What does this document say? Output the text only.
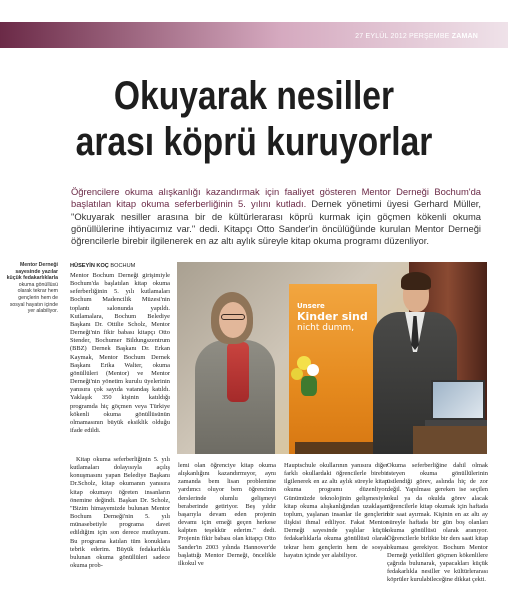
27 EYLÜL 2012 PERŞEMBE ZAMAN
Okuyarak nesiller
arası köprü kuruyorlar
Öğrencilere okuma alışkanlığı kazandırmak için faaliyet gösteren Mentor Derneği Bochum'da başlatılan kitap okuma seferberliğinin 5. yılını kutladı. Dernek yönetimi üyesi Gerhard Müller, "Okuyarak nesiller arasına bir de kültürlerarası köprü kurmak için göçmen kökenli okuma gönüllülerine ihtiyacımız var." dedi. Kitapçı Otto Sander'in öncülüğünde kurulan Mentor Derneği öğrencilerle birebir ilgilenerek en az altı aylık süreyle kitap okuma programı düzenliyor.
Mentor Derneği sayesinde yazılar küçük fedakarlıklarla okuma gönüllüsü olarak tekrar hem gençlerin hem de sosyal hayatın içinde yer alabiliyor.
HÜSEYİN KOÇ BOCHUM

Mentor Bochum Derneği girişimiyle Bochum'da başlatılan kitap okuma seferberliğinin 5. yılı kutlamaları Bochum Madencilik Müzesi'nin toplantı salonunda yapıldı. Kutlamalara, Bochum Belediye Başkanı Dr. Ottilie Scholz, Mentor Derneği'nin fikir babası kitapçı Otto Stender, Bochumer Bildungszentrum (BBZ) Dernek Başkanı Dr. Erkan Kaymak, Mentor Bochum Dernek Başkanı Erika Walter, okuma gönüllüleri (Mentor) ve Mentor Derneği'nin yönetim kurulu üyelerinin yanısıra çok sayıda vatandaş katıldı. Yaklaşık 350 kişinin katıldığı programda hiç göçmen veya Türkiye kökenli okuma gönüllüsünün olmamasının büyük eksiklik olduğu ifade edildi.

Unsere
Kinder sind
nicht dumm,

Kitap okuma seferberliğinin 5. yılı kutlamaları dolayısıyla açılış konuşmasını yapan Belediye Başkanı Dr.Scholz, kitap okumanın yanısıra kitap okumayı öğreten insanların önemine değindi. Başkan Dr. Scholz, "Bizim himayemizde bulunan Mentor Bochum Derneği'nin 5. yılı münasebetiyle programa davet edildiğim için son derece mutluyum. Bu programa katılan tüm konuklara tebrik ederim. Büyük fedakarlıkla bulunan okuma gönüllüleri sadece okuma prob-

lemi olan öğrenciye kitap okuma alışkanlığını kazandırmıyor, aynı zamanda bem lisan problemine yardımcı oluyor bem öğrencinin derslerinde olumlu gelişmeyi beraberinde getiriyor. Beş yıldır başarıyla devam eden projenin devamı için emeği geçen herkese kalpten teşekkür ederim." dedi. Projenin fikir babası olan kitapçı Otto Sander'in 2003 yılında Hannover'de başlattığı Mentor Derneği, öncelikle ilkokul ve

Hauptschule okullarının yanısıra diğer farklı okullardaki öğrencilerle birebir ilgilenerek en az altı aylık süreyle kitap okuma programı düzenliyor. Günümüzde teknolojinin gelişmesiyle kitap okuma alışkanlığından uzaklaşan toplum, yaşlanan insanlar ile gençlerin ilişkisi ihmal ediliyor. Fakat Mentor Derneği sayesinde yaşlılar küçük fedakarlıklarla okuma gönüllüsü olarak tekrar hem gençlerin hem de sosyal hayatın içinde yer alabiliyor.

Okuma seferberliğine dahil olmak isteyen okuma gönüllülerinin üstlendiği görev, aslında hiç de zor değil. Yapılması gereken ise seçilen okul ya da okulda görev alacak öğrencilerle kitap okumak için haftada bir saat ayırmak. Kişinin en az altı ay süreyle haftada bir gün boş olanları okuma gönüllüsü olarak aranıyor. Öğrencilerle birlikte bir ders saati kitap okuması gerekiyor. Bochum Mentor Derneği yetkilileri göçmen kökenlilere çağrıda bulunarak, yapacakları küçük fedakarlıkla nesiller ve kültürlerarası köprüler kurulabileceğine dikkat çekti.
